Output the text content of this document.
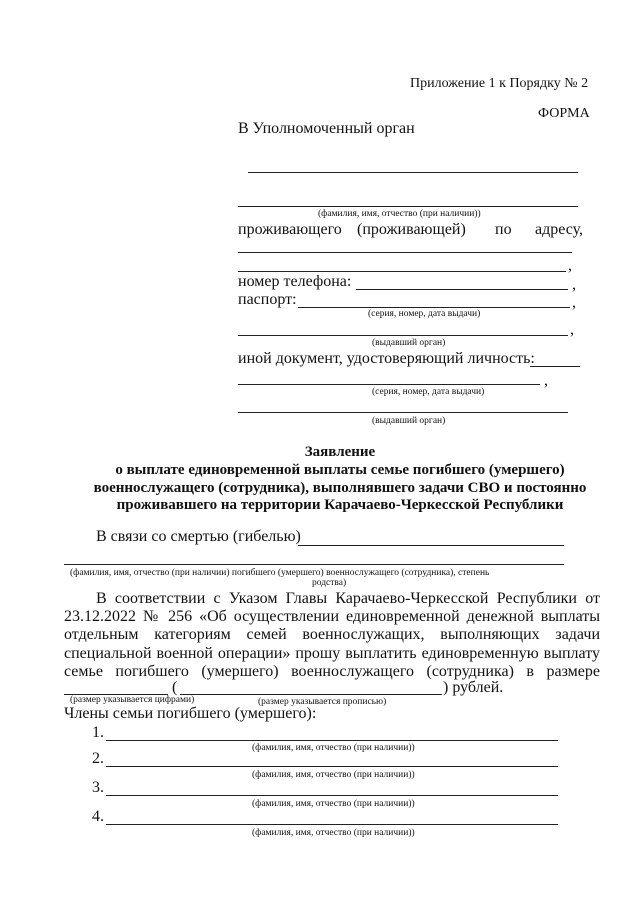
Приложение 1 к Порядку № 2
ФОРМА
В Уполномоченный орган
(фамилия, имя, отчество (при наличии))
проживающего (проживающей) по адресу,
,
номер телефона:	,
паспорт:	,
(серия, номер, дата выдачи)
,
(выдавший орган)
иной документ, удостоверяющий личность:
,
(серия, номер, дата выдачи)
(выдавший орган)
Заявление
о выплате единовременной выплаты семье погибшего (умершего)
военнослужащего (сотрудника), выполнявшего задачи СВО и постоянно
проживавшего на территории Карачаево-Черкесской Республики
В связи со смертью (гибелью)
(фамилия, имя, отчество (при наличии) погибшего (умершего) военнослужащего (сотрудника), степень
родства)
В соответствии с Указом Главы Карачаево-Черкесской Республики от
23.12.2022 № 256 «Об осуществлении единовременной денежной выплаты
отдельным категориям семей военнослужащих, выполняющих задачи
специальной военной операции» прошу выплатить единовременную выплату
семье погибшего (умершего) военнослужащего (сотрудника) в размере
(	) рублей.
(размер указывается цифрами)	(размер указывается прописью)
Члены семьи погибшего (умершего):
1.
(фамилия, имя, отчество (при наличии))
2.
(фамилия, имя, отчество (при наличии))
3.
(фамилия, имя, отчество (при наличии))
4.
(фамилия, имя, отчество (при наличии))
